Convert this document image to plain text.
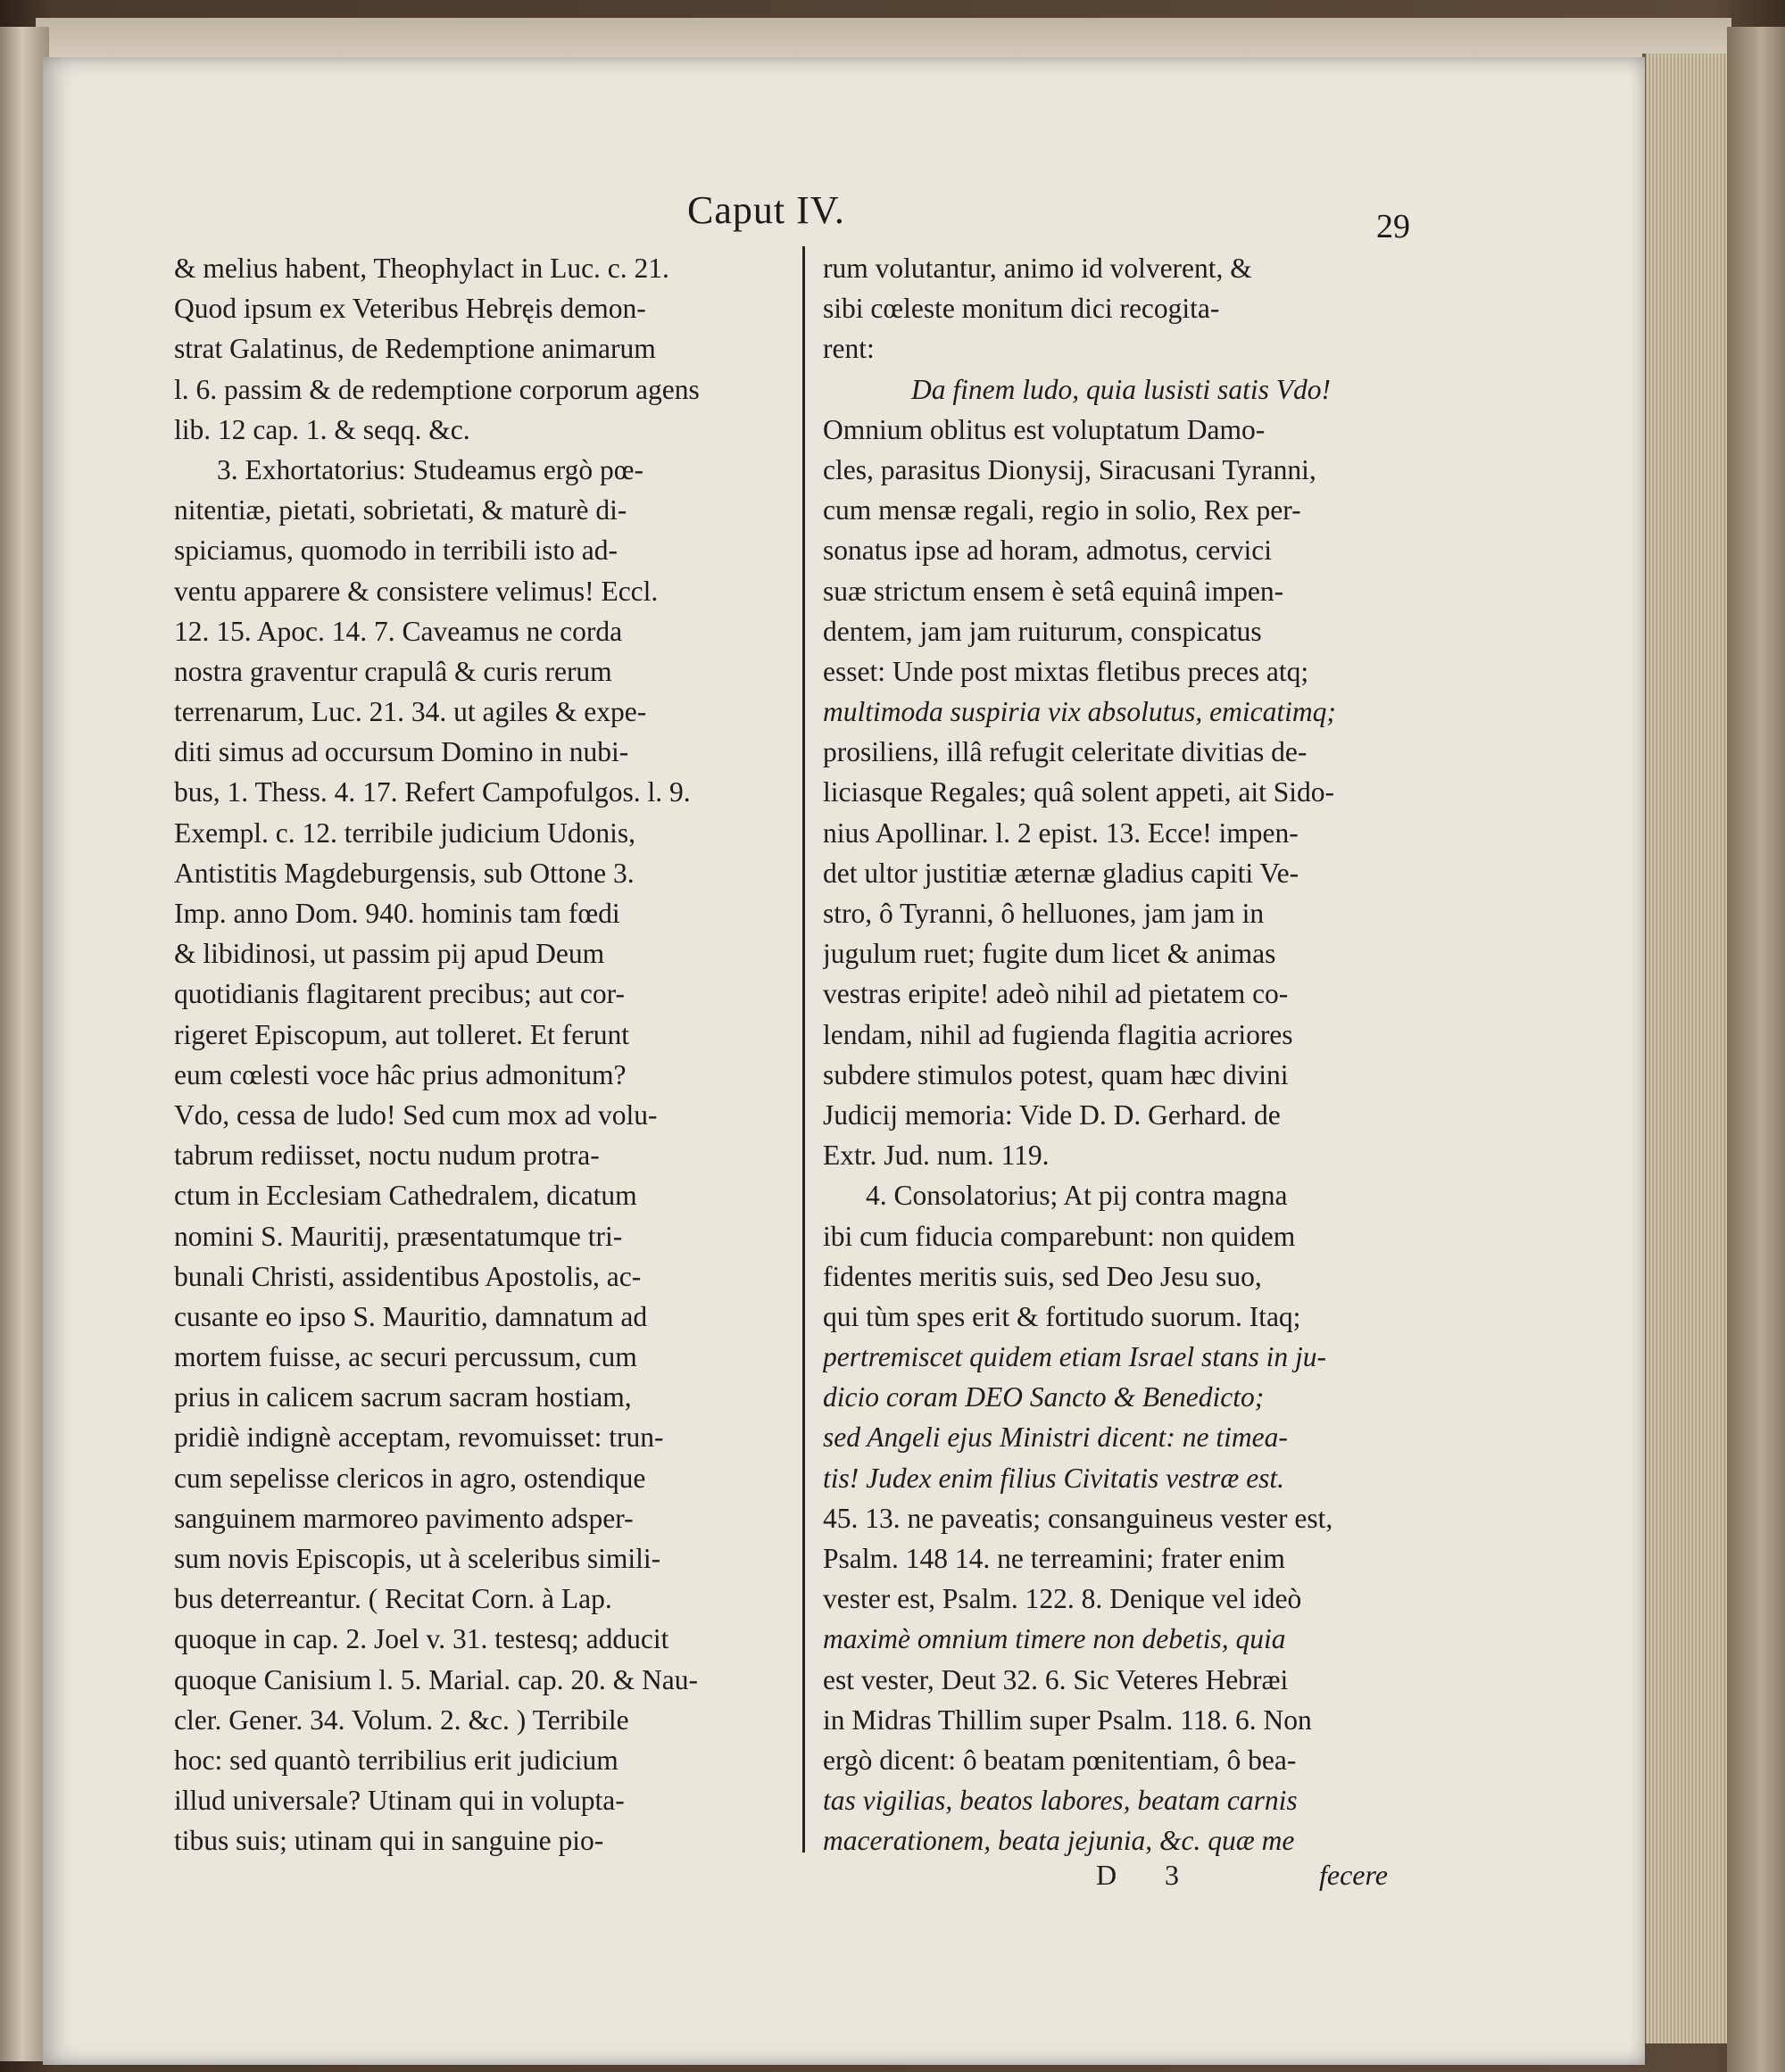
Caput IV.	29
& melius habent, Theophylact in Luc. c. 21.
Quod ipsum ex Veteribus Hebręis demon-
strat Galatinus, de Redemptione animarum
l. 6. passim & de redemptione corporum agens
lib. 12 cap. 1. & seqq. &c.
3. Exhortatorius: Studeamus ergò pœ-
nitentiæ, pietati, sobrietati, & maturè di-
spiciamus, quomodo in terribili isto ad-
ventu apparere & consistere velimus! Eccl.
12. 15. Apoc. 14. 7. Caveamus ne corda
nostra graventur crapulâ & curis rerum
terrenarum, Luc. 21. 34. ut agiles & expe-
diti simus ad occursum Domino in nubi-
bus, 1. Thess. 4. 17. Refert Campofulgos. l. 9.
Exempl. c. 12. terribile judicium Udonis,
Antistitis Magdeburgensis, sub Ottone 3.
Imp. anno Dom. 940. hominis tam fœdi
& libidinosi, ut passim pij apud Deum
quotidianis flagitarent precibus; aut cor-
rigeret Episcopum, aut tolleret. Et ferunt
eum cœlesti voce hâc prius admonitum?
Vdo, cessa de ludo! Sed cum mox ad volu-
tabrum rediisset, noctu nudum protra-
ctum in Ecclesiam Cathedralem, dicatum
nomini S. Mauritij, præsentatumque tri-
bunali Christi, assidentibus Apostolis, ac-
cusante eo ipso S. Mauritio, damnatum ad
mortem fuisse, ac securi percussum, cum
prius in calicem sacrum sacram hostiam,
pridiè indignè acceptam, revomuisset: trun-
cum sepelisse clericos in agro, ostendique
sanguinem marmoreo pavimento adsper-
sum novis Episcopis, ut à sceleribus simili-
bus deterreantur. ( Recitat Corn. à Lap.
quoque in cap. 2. Joel v. 31. testesq; adducit
quoque Canisium l. 5. Marial. cap. 20. & Nau-
cler. Gener. 34. Volum. 2. &c. ) Terribile
hoc: sed quantò terribilius erit judicium
illud universale? Utinam qui in volupta-
tibus suis; utinam qui in sanguine pio-
rum volutantur, animo id volverent, &
sibi cœleste monitum dici recogita-
rent:
Da finem ludo, quia lusisti satis Vdo!
Omnium oblitus est voluptatum Damo-
cles, parasitus Dionysij, Siracusani Tyranni,
cum mensæ regali, regio in solio, Rex per-
sonatus ipse ad horam, admotus, cervici
suæ strictum ensem è setâ equinâ impen-
dentem, jam jam ruiturum, conspicatus
esset: Unde post mixtas fletibus preces atq;
multimoda suspiria vix absolutus, emicatimq;
prosiliens, illâ refugit celeritate divitias de-
liciasque Regales; quâ solent appeti, ait Sido-
nius Apollinar. l. 2 epist. 13. Ecce! impen-
det ultor justitiæ æternæ gladius capiti Ve-
stro, ô Tyranni, ô helluones, jam jam in
jugulum ruet; fugite dum licet & animas
vestras eripite! adeò nihil ad pietatem co-
lendam, nihil ad fugienda flagitia acriores
subdere stimulos potest, quam hæc divini
Judicij memoria: Vide D. D. Gerhard. de
Extr. Jud. num. 119.
4. Consolatorius; At pij contra magna
ibi cum fiducia comparebunt: non quidem
fidentes meritis suis, sed Deo Jesu suo,
qui tùm spes erit & fortitudo suorum. Itaq;
pertremiscet quidem etiam Israel stans in ju-
dicio coram DEO Sancto & Benedicto;
sed Angeli ejus Ministri dicent: ne timea-
tis! Judex enim filius Civitatis vestræ est.
45. 13. ne paveatis; consanguineus vester est,
Psalm. 148 14. ne terreamini; frater enim
vester est, Psalm. 122. 8. Denique vel ideò
maximè omnium timere non debetis, quia
est vester, Deut 32. 6. Sic Veteres Hebræi
in Midras Thillim super Psalm. 118. 6. Non
ergò dicent: ô beatam pœnitentiam, ô bea-
tas vigilias, beatos labores, beatam carnis
macerationem, beata jejunia, &c. quæ me
D 3	fecere
